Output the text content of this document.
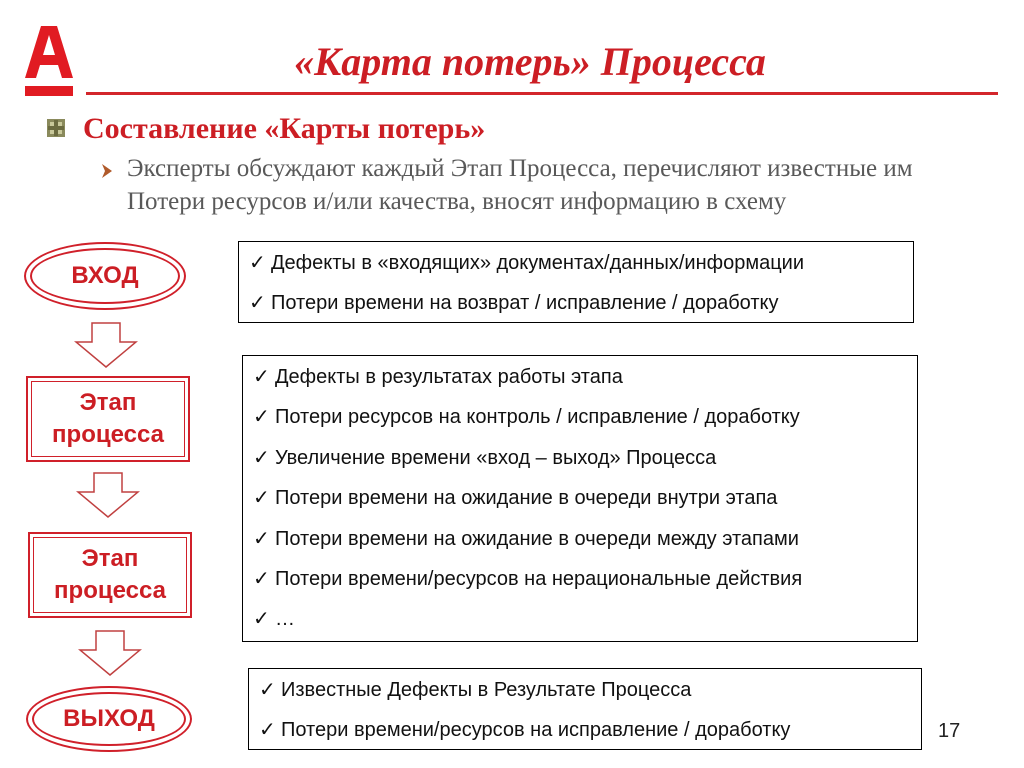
«Карта потерь» Процесса
Составление «Карты потерь»
Эксперты обсуждают каждый Этап Процесса, перечисляют известные им Потери ресурсов и/или качества, вносят информацию в схему
ВХОД
Этап процесса
Этап процесса
ВЫХОД
✓ Дефекты в «входящих» документах/данных/информации
✓ Потери времени на возврат / исправление / доработку
✓ Дефекты в результатах работы этапа
✓ Потери ресурсов на контроль / исправление / доработку
✓ Увеличение времени «вход – выход» Процесса
✓ Потери времени на ожидание в очереди внутри этапа
✓ Потери времени на ожидание в очереди между этапами
✓ Потери времени/ресурсов на нерациональные действия
✓ …
✓ Известные Дефекты в Результате Процесса
✓ Потери времени/ресурсов на исправление / доработку	17
